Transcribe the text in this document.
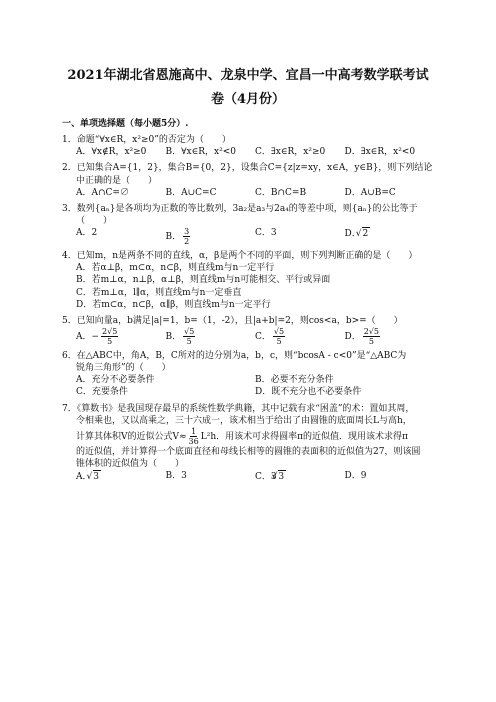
2021年湖北省恩施高中、龙泉中学、宜昌一中高考数学联考试
卷（4月份）
一、单项选择题（每小题5分）.
1．命题“∀x∈R，x²≥0”的否定为（　　）
A．∀x∉R，x²≥0	B．∀x∈R，x²<0	C．∃x∈R，x²≥0	D．∃x∈R，x²<0
2．已知集合A={1，2}，集合B={0，2}，设集合C={z|z=xy，x∈A，y∈B}，则下列结论
中正确的是（　　）
A．A∩C=∅	B．A∪C=C	C．B∩C=B	D．A∪B=C
3．数列{aₙ}是各项均为正数的等比数列，3a₂是a₃与2a₄的等差中项，则{aₙ}的公比等于
（　　）
A．2	B． $\frac{3}{2}$	C．3	D． √ 2
4．已知m，n是两条不同的直线，α，β是两个不同的平面，则下列判断正确的是（　　）
A．若α⊥β，m⊂α，n⊂β，则直线m与n一定平行
B．若m⊥α，n⊥β，α⊥β，则直线m与n可能相交、平行或异面
C．若m⊥α，l∥α，则直线m与n一定垂直
D．若m⊂α，n⊂β，α∥β，则直线m与n一定平行
5．已知向量a，b满足|a|=1，b=（1，-2），且|a+b|=2，则cos<a，b>=（　　）
A．− $\frac{2√5}{5}$	B． $\frac{√5}{5}$	C． $\frac{√5}{5}$	D． $\frac{2√5}{5}$
6．在△ABC中，角A，B，C所对的边分别为a，b，c，则“bcosA - c<0”是“△ABC为
锐角三角形”的（　　）
A．充分不必要条件	B．必要不充分条件
C．充要条件	D．既不充分也不必要条件
7．《算数书》是我国现存最早的系统性数学典籍，其中记载有求“困盖”的术：置如其周，
令相乘也，又以高乘之，三十六成一，该术相当于给出了由圆锥的底面周长L与高h，
计算其体积V的近似公式$V\approx \frac{1}{36} L^2h$．用该术可求得圆率π的近似值．现用该术求得π
的近似值，并计算得一个底面直径和母线长相等的圆锥的表面积的近似值为27，则该圆
锥体积的近似值为（　　）
A． √ 3	B．3	C．3 √ 3	D．9
